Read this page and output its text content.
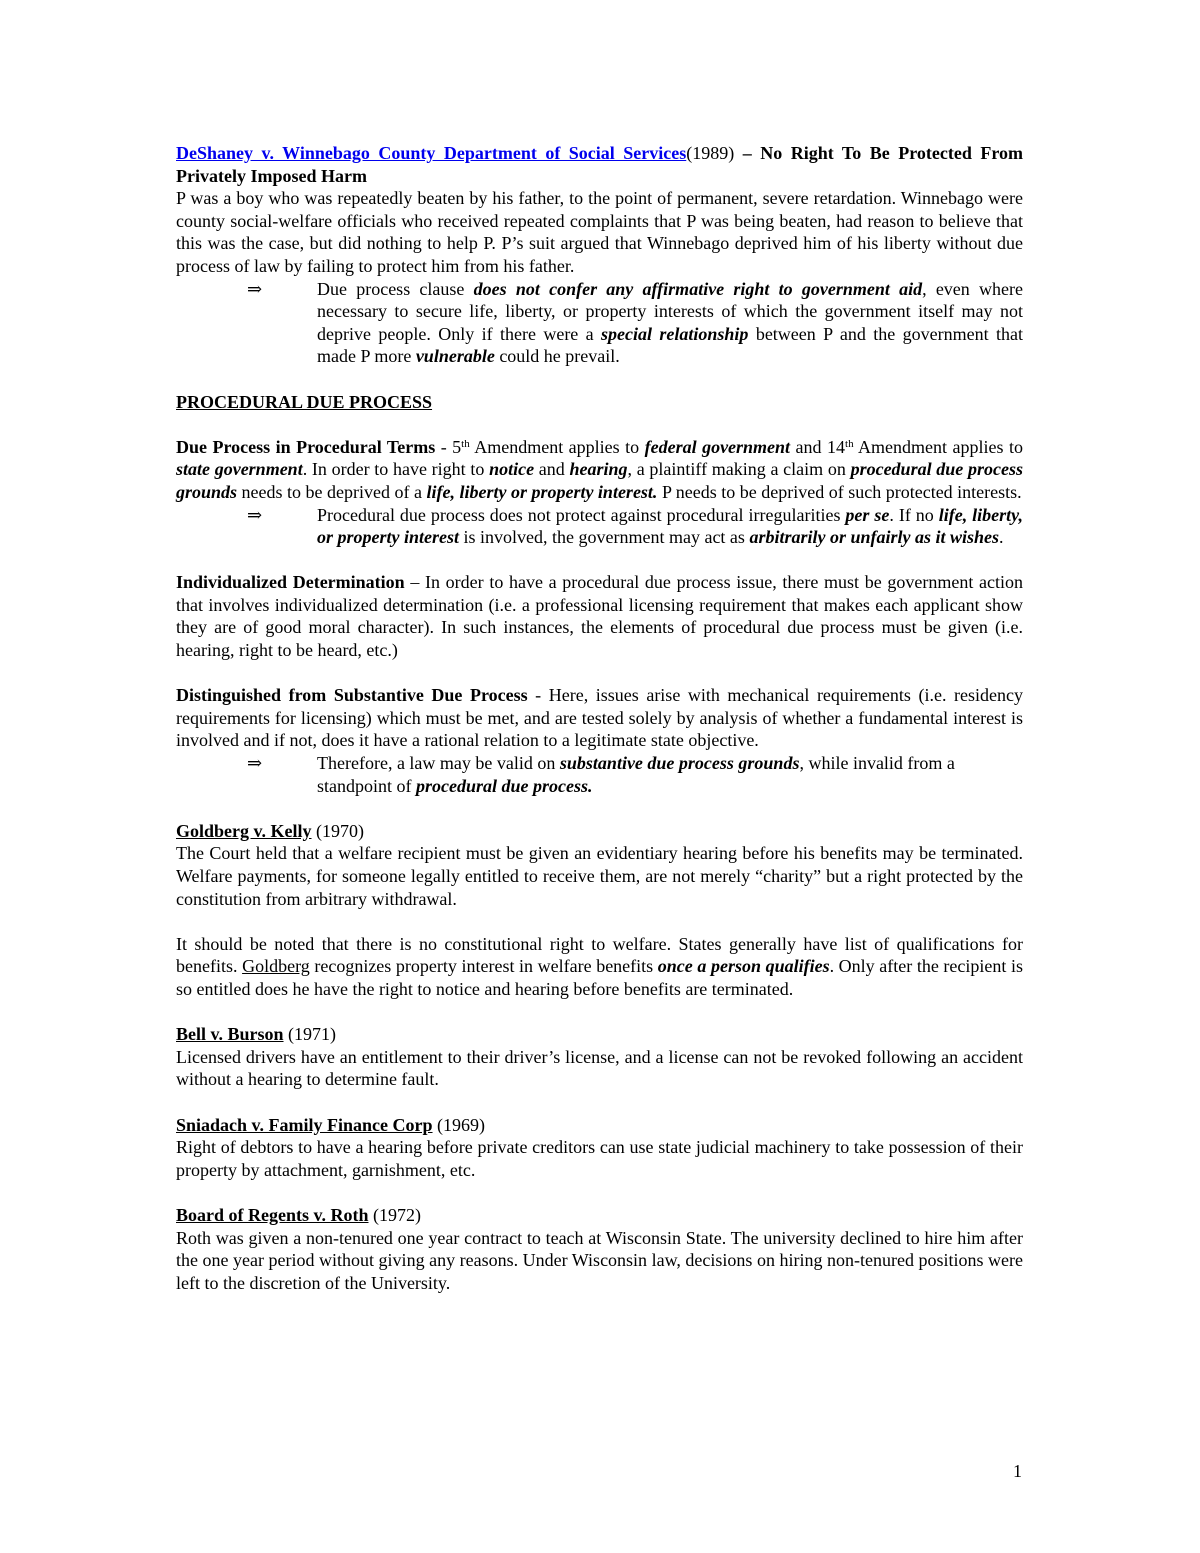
DeShaney v. Winnebago County Department of Social Services(1989) – No Right To Be Protected From Privately Imposed Harm

P was a boy who was repeatedly beaten by his father, to the point of permanent, severe retardation. Winnebago were county social-welfare officials who received repeated complaints that P was being beaten, had reason to believe that this was the case, but did nothing to help P. P’s suit argued that Winnebago deprived him of his liberty without due process of law by failing to protect him from his father.

⇒	Due process clause does not confer any affirmative right to government aid, even where necessary to secure life, liberty, or property interests of which the government itself may not deprive people. Only if there were a special relationship between P and the government that made P more vulnerable could he prevail.

PROCEDURAL DUE PROCESS

Due Process in Procedural Terms - 5th Amendment applies to federal government and 14th Amendment applies to state government. In order to have right to notice and hearing, a plaintiff making a claim on procedural due process grounds needs to be deprived of a life, liberty or property interest. P needs to be deprived of such protected interests.

⇒	Procedural due process does not protect against procedural irregularities per se. If no life, liberty, or property interest is involved, the government may act as arbitrarily or unfairly as it wishes.

Individualized Determination – In order to have a procedural due process issue, there must be government action that involves individualized determination (i.e. a professional licensing requirement that makes each applicant show they are of good moral character). In such instances, the elements of procedural due process must be given (i.e. hearing, right to be heard, etc.)

Distinguished from Substantive Due Process - Here, issues arise with mechanical requirements (i.e. residency requirements for licensing) which must be met, and are tested solely by analysis of whether a fundamental interest is involved and if not, does it have a rational relation to a legitimate state objective.

⇒	Therefore, a law may be valid on substantive due process grounds, while invalid from a standpoint of procedural due process.

Goldberg v. Kelly (1970)

The Court held that a welfare recipient must be given an evidentiary hearing before his benefits may be terminated. Welfare payments, for someone legally entitled to receive them, are not merely “charity” but a right protected by the constitution from arbitrary withdrawal.

It should be noted that there is no constitutional right to welfare. States generally have list of qualifications for benefits. Goldberg recognizes property interest in welfare benefits once a person qualifies. Only after the recipient is so entitled does he have the right to notice and hearing before benefits are terminated.

Bell v. Burson (1971)

Licensed drivers have an entitlement to their driver’s license, and a license can not be revoked following an accident without a hearing to determine fault.

Sniadach v. Family Finance Corp (1969)

Right of debtors to have a hearing before private creditors can use state judicial machinery to take possession of their property by attachment, garnishment, etc.

Board of Regents v. Roth (1972)

Roth was given a non-tenured one year contract to teach at Wisconsin State. The university declined to hire him after the one year period without giving any reasons. Under Wisconsin law, decisions on hiring non-tenured positions were left to the discretion of the University.

1
